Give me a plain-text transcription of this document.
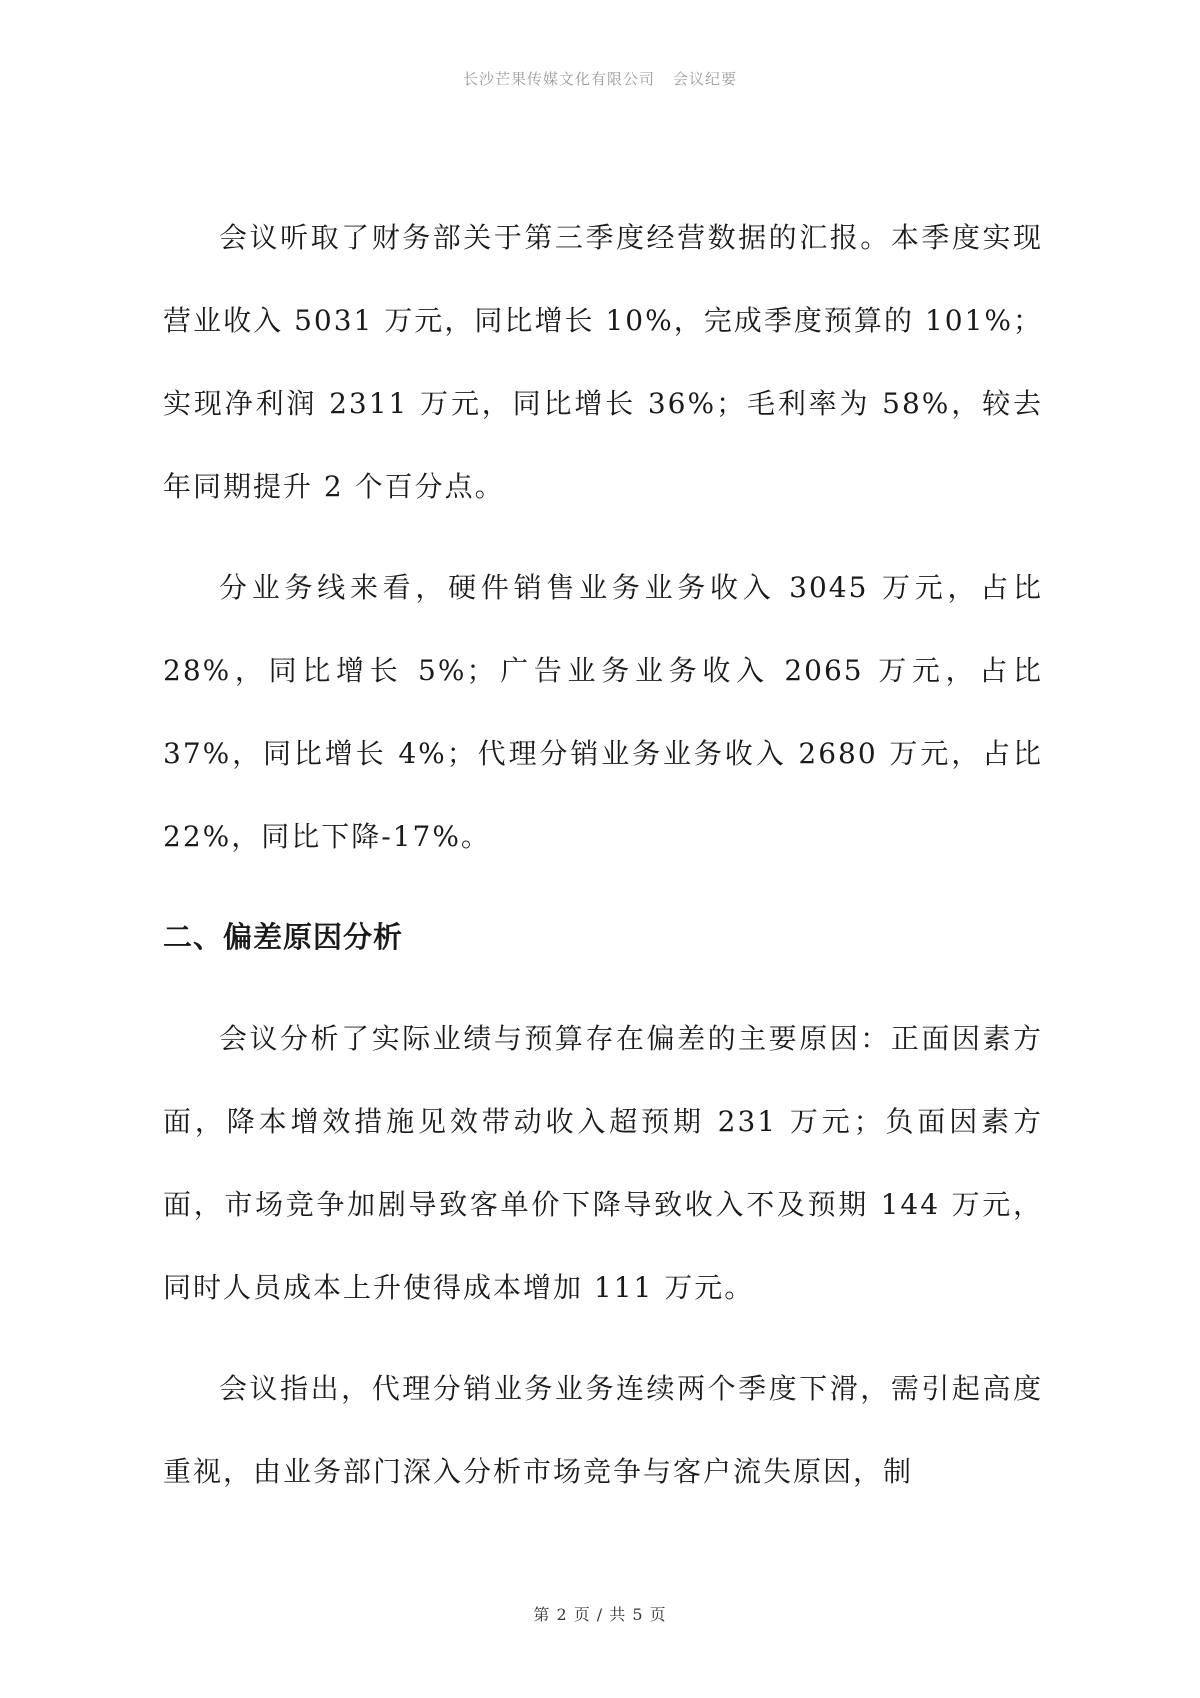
长沙芒果传媒文化有限公司 会议纪要

会议听取了财务部关于第三季度经营数据的汇报。本季度实现营业收入 5031 万元，同比增长 10%，完成季度预算的 101%；实现净利润 2311 万元，同比增长 36%；毛利率为 58%，较去年同期提升 2 个百分点。

分业务线来看，硬件销售业务业务收入 3045 万元，占比 28%，同比增长 5%；广告业务业务收入 2065 万元，占比 37%，同比增长 4%；代理分销业务业务收入 2680 万元，占比 22%，同比下降-17%。

二、偏差原因分析

会议分析了实际业绩与预算存在偏差的主要原因：正面因素方面，降本增效措施见效带动收入超预期 231 万元；负面因素方面，市场竞争加剧导致客单价下降导致收入不及预期 144 万元，同时人员成本上升使得成本增加 111 万元。

会议指出，代理分销业务业务连续两个季度下滑，需引起高度重视，由业务部门深入分析市场竞争与客户流失原因，制

第 2 页 / 共 5 页
